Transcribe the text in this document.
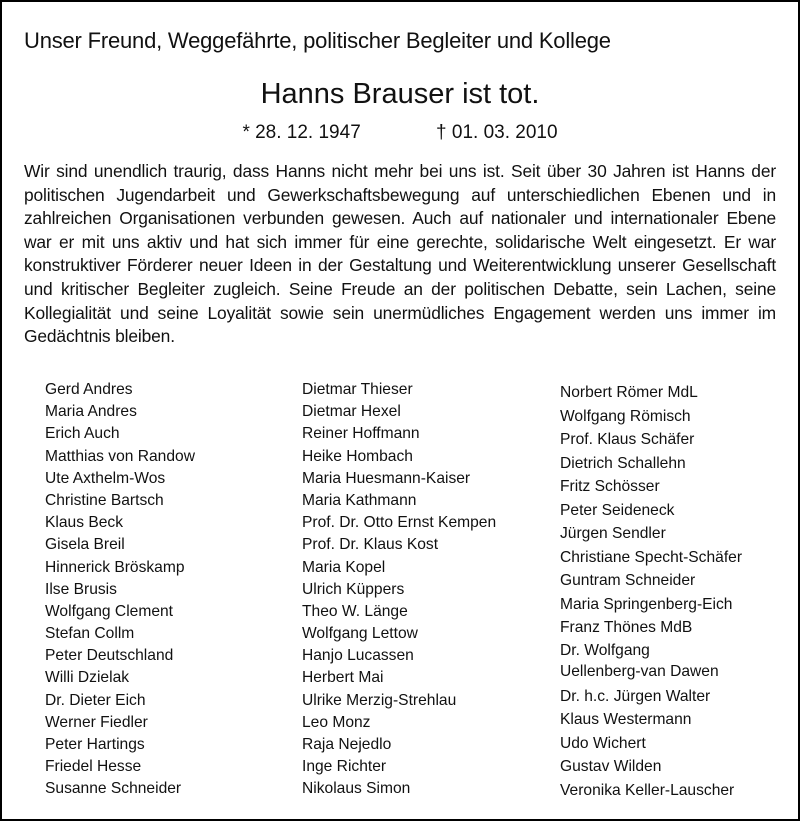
Unser Freund, Weggefährte, politischer Begleiter und Kollege
Hanns Brauser ist tot.
* 28. 12. 1947	† 01. 03. 2010
Wir sind unendlich traurig, dass Hanns nicht mehr bei uns ist. Seit über 30 Jahren ist Hanns der politischen Jugendarbeit und Gewerkschaftsbewegung auf unterschiedlichen Ebenen und in zahlreichen Organisationen verbunden gewesen. Auch auf nationaler und internationaler Ebene war er mit uns aktiv und hat sich immer für eine gerechte, solidarische Welt eingesetzt. Er war konstruktiver Förderer neuer Ideen in der Gestaltung und Weiterentwicklung unserer Gesellschaft und kritischer Begleiter zugleich. Seine Freude an der politischen Debatte, sein Lachen, seine Kollegialität und seine Loyalität sowie sein unermüdliches Engagement werden uns immer im Gedächtnis bleiben.
Gerd Andres
Maria Andres
Erich Auch
Matthias von Randow
Ute Axthelm-Wos
Christine Bartsch
Klaus Beck
Gisela Breil
Hinnerick Bröskamp
Ilse Brusis
Wolfgang Clement
Stefan Collm
Peter Deutschland
Willi Dzielak
Dr. Dieter Eich
Werner Fiedler
Peter Hartings
Friedel Hesse
Susanne Schneider
Dietmar Thieser
Dietmar Hexel
Reiner Hoffmann
Heike Hombach
Maria Huesmann-Kaiser
Maria Kathmann
Prof. Dr. Otto Ernst Kempen
Prof. Dr. Klaus Kost
Maria Kopel
Ulrich Küppers
Theo W. Länge
Wolfgang Lettow
Hanjo Lucassen
Herbert Mai
Ulrike Merzig-Strehlau
Leo Monz
Raja Nejedlo
Inge Richter
Nikolaus Simon
Norbert Römer MdL
Wolfgang Römisch
Prof. Klaus Schäfer
Dietrich Schallehn
Fritz Schösser
Peter Seideneck
Jürgen Sendler
Christiane Specht-Schäfer
Guntram Schneider
Maria Springenberg-Eich
Franz Thönes MdB
Dr. Wolfgang
Uellenberg-van Dawen
Dr. h.c. Jürgen Walter
Klaus Westermann
Udo Wichert
Gustav Wilden
Veronika Keller-Lauscher
